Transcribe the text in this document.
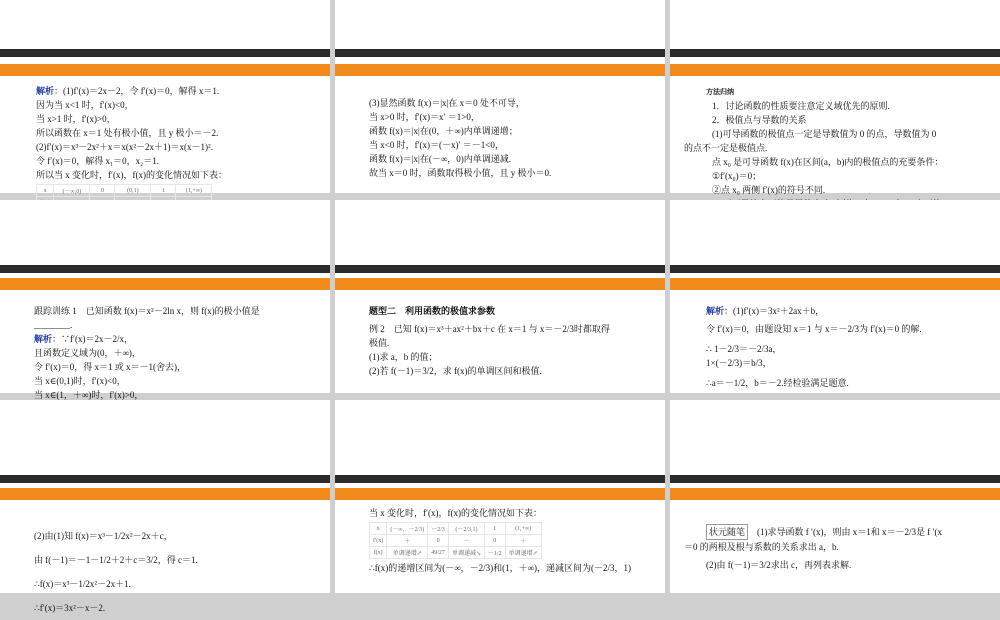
解析：(1)f′(x)＝2x－2，令 f′(x)＝0，解得 x＝1.

因为当 x<1 时，f′(x)<0，

当 x>1 时，f′(x)>0，

所以函数在 x＝1 处有极小值，且 y 极小＝－2.

(2)f′(x)＝x³－2x²＋x＝x(x²－2x＋1)＝x(x－1)².

令 f′(x)＝0，解得 x₁＝0，x₂＝1.

所以当 x 变化时，f′(x)，f(x)的变化情况如下表：

x	(－∞,0)	0	(0,1)	1	(1,+∞)

(3)显然函数 f(x)＝|x|在 x＝0 处不可导，

当 x>0 时，f′(x)＝x′ ＝1>0，

函数 f(x)＝|x|在(0，＋∞)内单调递增；

当 x<0 时，f′(x)＝(－x)′ ＝－1<0，

函数 f(x)＝|x|在(－∞，0)内单调递减.

故当 x＝0 时，函数取得极小值，且 y 极小＝0.

方法归纳

1．讨论函数的性质要注意定义域优先的原则.

2．极值点与导数的关系

(1)可导函数的极值点一定是导数值为 0 的点，导数值为 0

的点不一定是极值点.

点 x₀ 是可导函数 f(x)在区间(a，b)内的极值点的充要条件：

①f′(x₀)＝0；

②点 x₀ 两侧 f′(x)的符号不同.

跟踪训练 1　已知函数 f(x)＝x²－2ln x，则 f(x)的极小值是

________.

解析：∵f′(x)＝2x－2/x，

且函数定义域为(0，＋∞)，

令 f′(x)＝0，得 x＝1 或 x＝－1(舍去)，

当 x∈(0,1)时，f′(x)<0，

当 x∈(1，＋∞)时，f′(x)>0，

题型二　利用函数的极值求参数

例 2　已知 f(x)＝x³＋ax²＋bx＋c 在 x＝1 与 x＝－2/3时都取得

极值.

(1)求 a，b 的值；

(2)若 f(－1)＝3/2，求 f(x)的单调区间和极值.

解析：(1)f′(x)＝3x²＋2ax＋b，

令 f′(x)＝0，由题设知 x＝1 与 x＝－2/3为 f′(x)＝0 的解.

∴ 1－2/3＝－2/3a，

1×(－2/3)＝b/3，

∴a＝－1/2，b＝－2.经检验满足题意.

(2)由(1)知 f(x)＝x³－1/2x²－2x＋c，

由 f(－1)＝－1－1/2＋2＋c＝3/2，得 c＝1.

∴f(x)＝x³－1/2x²－2x＋1.

∴f′(x)＝3x²－x－2.

当 x 变化时，f′(x)，f(x)的变化情况如下表：

x	(－∞，－2/3)	－2/3	(－2/3,1)	1	(1,+∞)
f′(x)	＋	0	－	0	＋
f(x)	单调递增↗	49/27	单调递减↘	－1/2	单调递增↗

∴f(x)的递增区间为(－∞，－2/3)和(1，＋∞)，递减区间为(－2/3，1)

状元随笔　 (1)求导函数 f ′(x)，则由 x＝1和 x＝－2/3是 f ′(x

＝0 的两根及根与系数的关系求出 a，b.

(2)由 f(－1)＝3/2求出 c，再列表求解.
